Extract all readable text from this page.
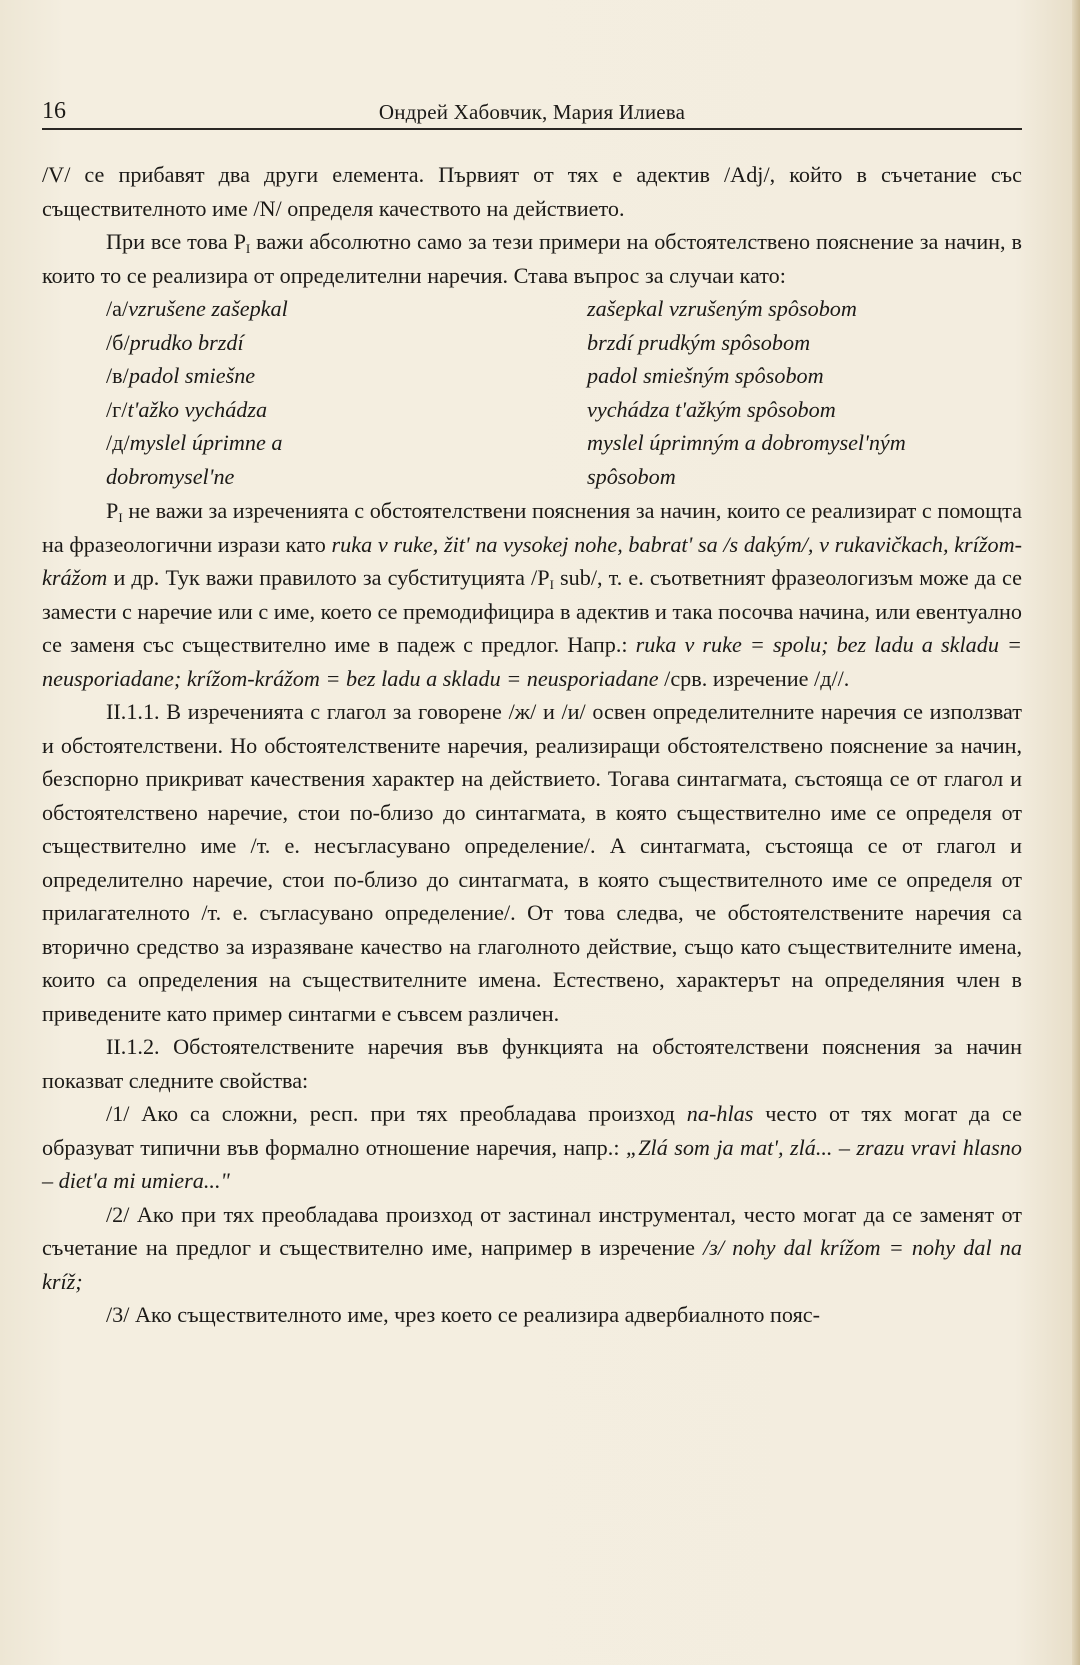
16	Ондрей Хабовчик, Мария Илиева

/V/ се прибавят два други елемента. Първият от тях е адектив /Adj/, който в съчетание със съществителното име /N/ определя качеството на действието.

При все това $P_I$ важи абсолютно само за тези примери на обстоятелствено пояснение за начин, в които то се реализира от определителни наречия. Става въпрос за случаи като:

/а/vzrušene zašepkal
/б/prudko brzdí
/в/padol smiešne
/г/t'ažko vychádza
/д/myslel úprimne a
dobromysel'ne
zašepkal vzrušeným spôsobom
brzdí prudkým spôsobom
padol smiešným spôsobom
vychádza t'ažkým spôsobom
myslel úprimným a dobromysel'ným
spôsobom

$P_I$ не важи за изреченията с обстоятелствени пояснения за начин, които се реализират с помощта на фразеологични изрази като ruka v ruke, žit' na vysokej nohe, babrat' sa /s dakým/, v rukavičkach, krížom-krážom и др. Тук важи правилото за субституцията $/P_I$ sub/, т. е. съответният фразеологизъм може да се замести с наречие или с име, което се премодифицира в адектив и така посочва начина, или евентуално се заменя със съществително име в падеж с предлог. Напр.: ruka v ruke = spolu; bez ladu a skladu = neusporiadane; krížom-krážom = bez ladu a skladu = neusporiadane /срв. изречение /д//.

II.1.1. В изреченията с глагол за говорене /ж/ и /и/ освен определителните наречия се използват и обстоятелствени. Но обстоятелствените наречия, реализиращи обстоятелствено пояснение за начин, безспорно прикриват качествения характер на действието. Тогава синтагмата, състояща се от глагол и обстоятелствено наречие, стои по-близо до синтагмата, в която съществително име се определя от съществително име /т. е. несъгласувано определение/. А синтагмата, състояща се от глагол и определително наречие, стои по-близо до синтагмата, в която съществителното име се определя от прилагателното /т. е. съгласувано определение/. От това следва, че обстоятелствените наречия са вторично средство за изразяване качество на глаголното действие, също като съществителните имена, които са определения на съществителните имена. Естествено, характерът на определяния член в приведените като пример синтагми е съвсем различен.

II.1.2. Обстоятелствените наречия във функцията на обстоятелствени пояснения за начин показват следните свойства:

/1/ Ако са сложни, респ. при тях преобладава произход na-hlas често от тях могат да се образуват типични във формално отношение наречия, напр.: „Zlá som ja mat', zlá... – zrazu vravi hlasno – diet'a mi umiera..."

/2/ Ако при тях преобладава произход от застинал инструментал, често могат да се заменят от съчетание на предлог и съществително име, например в изречение /з/ nohy dal krížom = nohy dal na kríž;

/3/ Ако съществителното име, чрез което се реализира адвербиалното пояс-
